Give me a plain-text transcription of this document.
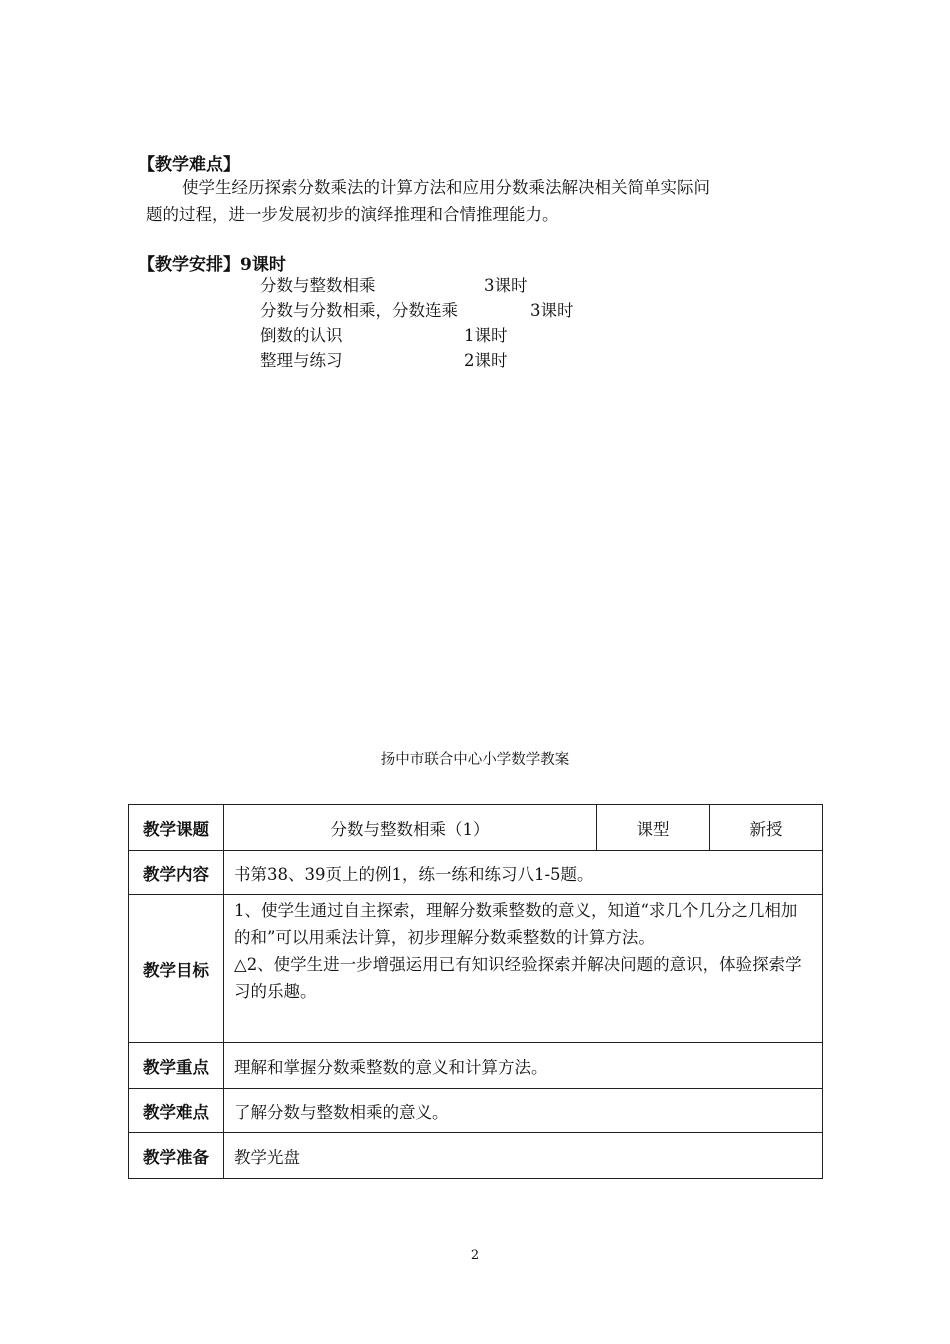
【教学难点】
使学生经历探索分数乘法的计算方法和应用分数乘法解决相关简单实际问
题的过程，进一步发展初步的演绎推理和合情推理能力。
【教学安排】9课时
分数与整数相乘	3课时
分数与分数相乘，分数连乘	3课时
倒数的认识	1课时
整理与练习	2课时
扬中市联合中心小学数学教案
教学课题	分数与整数相乘（1）	课型	新授
教学内容	书第38、39页上的例1，练一练和练习八1-5题。		
教学目标	1、使学生通过自主探索，理解分数乘整数的意义，知道“求几个几分之几相加的和”可以用乘法计算，初步理解分数乘整数的计算方法。
△2、使学生进一步增强运用已有知识经验探索并解决问题的意识，体验探索学习的乐趣。		

教学重点	理解和掌握分数乘整数的意义和计算方法。		
教学难点	了解分数与整数相乘的意义。		
教学准备	教学光盘		
2
